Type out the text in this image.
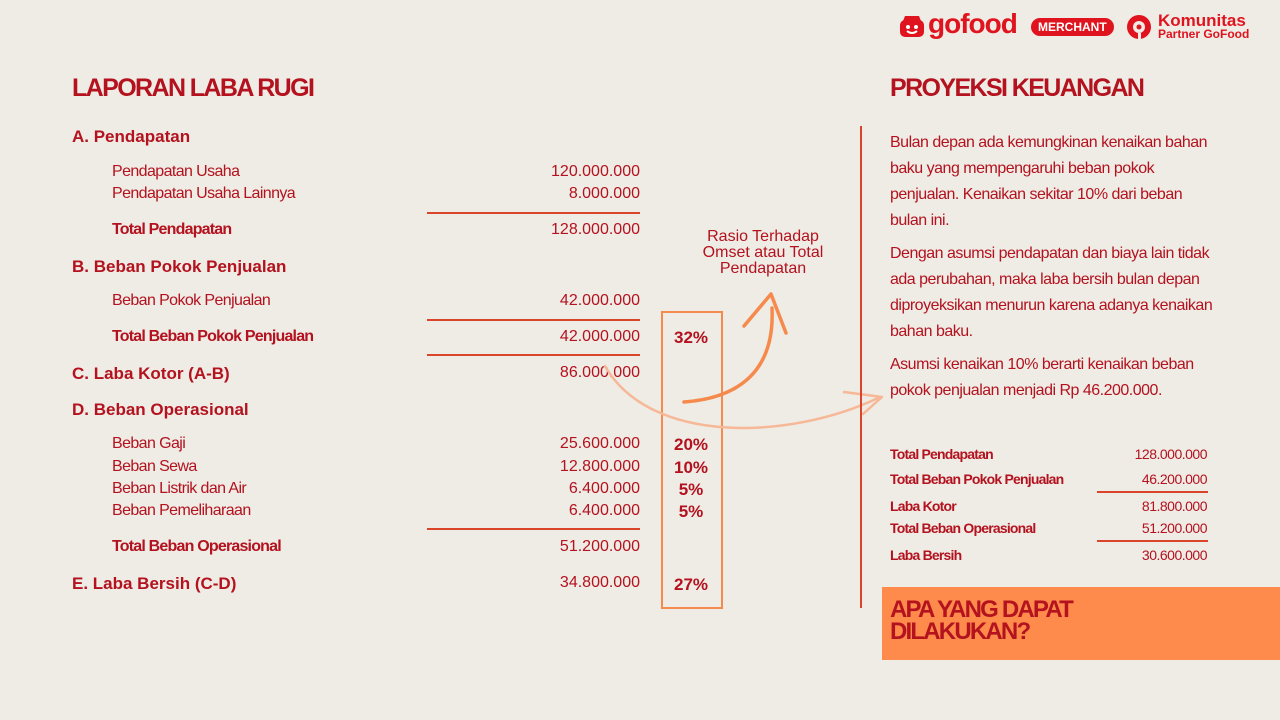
gofood	MERCHANT	Komunitas
Partner GoFood
LAPORAN LABA RUGI
A. Pendapatan
Pendapatan Usaha	120.000.000
Pendapatan Usaha Lainnya	8.000.000
Total Pendapatan	128.000.000
B. Beban Pokok Penjualan
Beban Pokok Penjualan	42.000.000
Total Beban Pokok Penjualan	42.000.000	32%
C. Laba Kotor (A-B)	86.000.000
D. Beban Operasional
Beban Gaji	25.600.000	20%
Beban Sewa	12.800.000	10%
Beban Listrik dan Air	6.400.000	5%
Beban Pemeliharaan	6.400.000	5%
Total Beban Operasional	51.200.000
E. Laba Bersih (C-D)	34.800.000	27%
Rasio Terhadap Omset atau Total Pendapatan
PROYEKSI KEUANGAN
Bulan depan ada kemungkinan kenaikan bahan baku yang mempengaruhi beban pokok penjualan. Kenaikan sekitar 10% dari beban bulan ini.
Dengan asumsi pendapatan dan biaya lain tidak ada perubahan, maka laba bersih bulan depan diproyeksikan menurun karena adanya kenaikan bahan baku.
Asumsi kenaikan 10% berarti kenaikan beban pokok penjualan menjadi Rp 46.200.000.
Total Pendapatan	128.000.000
Total Beban Pokok Penjualan	46.200.000
Laba Kotor	81.800.000
Total Beban Operasional	51.200.000
Laba Bersih	30.600.000
APA YANG DAPAT DILAKUKAN?
